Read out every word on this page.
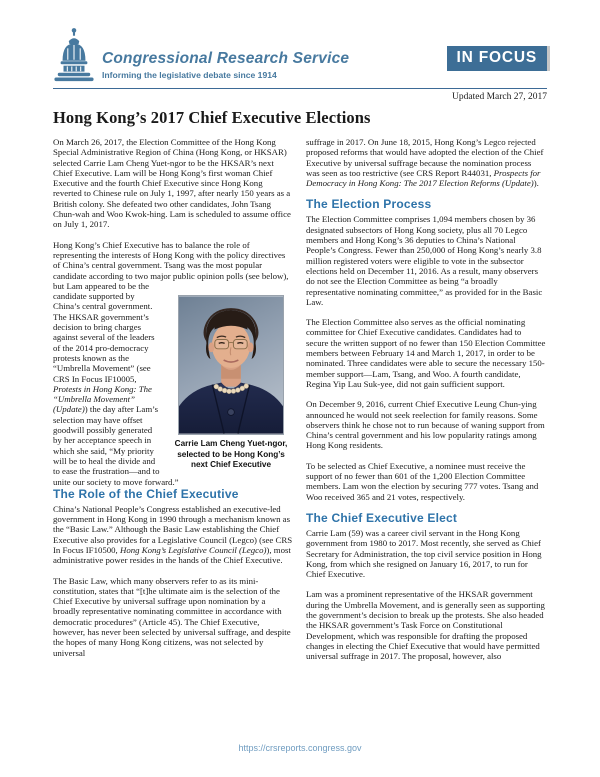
Congressional Research Service
Informing the legislative debate since 1914
IN FOCUS
Updated March 27, 2017
Hong Kong’s 2017 Chief Executive Elections

On March 26, 2017, the Election Committee of the Hong Kong Special Administrative Region of China (Hong Kong, or HKSAR) selected Carrie Lam Cheng Yuet-ngor to be the HKSAR’s next Chief Executive. Lam will be Hong Kong’s first woman Chief Executive and the fourth Chief Executive since Hong Kong reverted to Chinese rule on July 1, 1997, after nearly 150 years as a British colony. She defeated two other candidates, John Tsang Chun-wah and Woo Kwok-hing. Lam is scheduled to assume office on July 1, 2017.

Hong Kong’s Chief Executive has to balance the role of representing the interests of Hong Kong with the policy directives of China’s central government. Tsang was the most popular candidate according to two major public opinion polls (see below), but Lam appeared to be the

Carrie Lam Cheng Yuet-ngor,
selected to be Hong Kong’s
next Chief Executive

candidate supported by China’s central government. The HKSAR government’s decision to bring charges against several of the leaders of the 2014 pro-democracy protests known as the “Umbrella Movement” (see CRS In Focus IF10005, Protests in Hong Kong: The “Umbrella Movement” (Update)) the day after Lam’s selection may have offset goodwill possibly generated by her acceptance speech in which she said, “My priority will be to heal the divide and to ease the frustration—and to unite our society to move forward.”

The Role of the Chief Executive

China’s National People’s Congress established an executive-led government in Hong Kong in 1990 through a mechanism known as the “Basic Law.” Although the Basic Law establishing the Chief Executive also provides for a Legislative Council (Legco) (see CRS In Focus IF10500, Hong Kong’s Legislative Council (Legco)), most administrative power resides in the hands of the Chief Executive.

The Basic Law, which many observers refer to as its mini-constitution, states that “[t]he ultimate aim is the selection of the Chief Executive by universal suffrage upon nomination by a broadly representative nominating committee in accordance with democratic procedures” (Article 45). The Chief Executive, however, has never been selected by universal suffrage, and despite the hopes of many Hong Kong citizens, was not selected by universal

suffrage in 2017. On June 18, 2015, Hong Kong’s Legco rejected proposed reforms that would have adopted the election of the Chief Executive by universal suffrage because the nomination process was seen as too restrictive (see CRS Report R44031, Prospects for Democracy in Hong Kong: The 2017 Election Reforms (Update)).

The Election Process

The Election Committee comprises 1,094 members chosen by 36 designated subsectors of Hong Kong society, plus all 70 Legco members and Hong Kong’s 36 deputies to China’s National People’s Congress. Fewer than 250,000 of Hong Kong’s nearly 3.8 million registered voters were eligible to vote in the subsector elections held on December 11, 2016. As a result, many observers do not see the Election Committee as being “a broadly representative nominating committee,” as provided for in the Basic Law.

The Election Committee also serves as the official nominating committee for Chief Executive candidates. Candidates had to secure the written support of no fewer than 150 Election Committee members between February 14 and March 1, 2017, in order to be nominated. Three candidates were able to secure the necessary 150-member support—Lam, Tsang, and Woo. A fourth candidate, Regina Yip Lau Suk-yee, did not gain sufficient support.

On December 9, 2016, current Chief Executive Leung Chun-ying announced he would not seek reelection for family reasons. Some observers think he chose not to run because of waning support from China’s central government and his low popularity ratings among Hong Kong residents.

To be selected as Chief Executive, a nominee must receive the support of no fewer than 601 of the 1,200 Election Committee members. Lam won the election by securing 777 votes. Tsang and Woo received 365 and 21 votes, respectively.

The Chief Executive Elect

Carrie Lam (59) was a career civil servant in the Hong Kong government from 1980 to 2017. Most recently, she served as Chief Secretary for Administration, the top civil service position in Hong Kong, from which she resigned on January 16, 2017, to run for Chief Executive.

Lam was a prominent representative of the HKSAR government during the Umbrella Movement, and is generally seen as supporting the government’s decision to break up the protests. She also headed the HKSAR government’s Task Force on Constitutional Development, which was responsible for drafting the proposed changes in electing the Chief Executive that would have permitted universal suffrage in 2017. The proposal, however, also

https://crsreports.congress.gov
